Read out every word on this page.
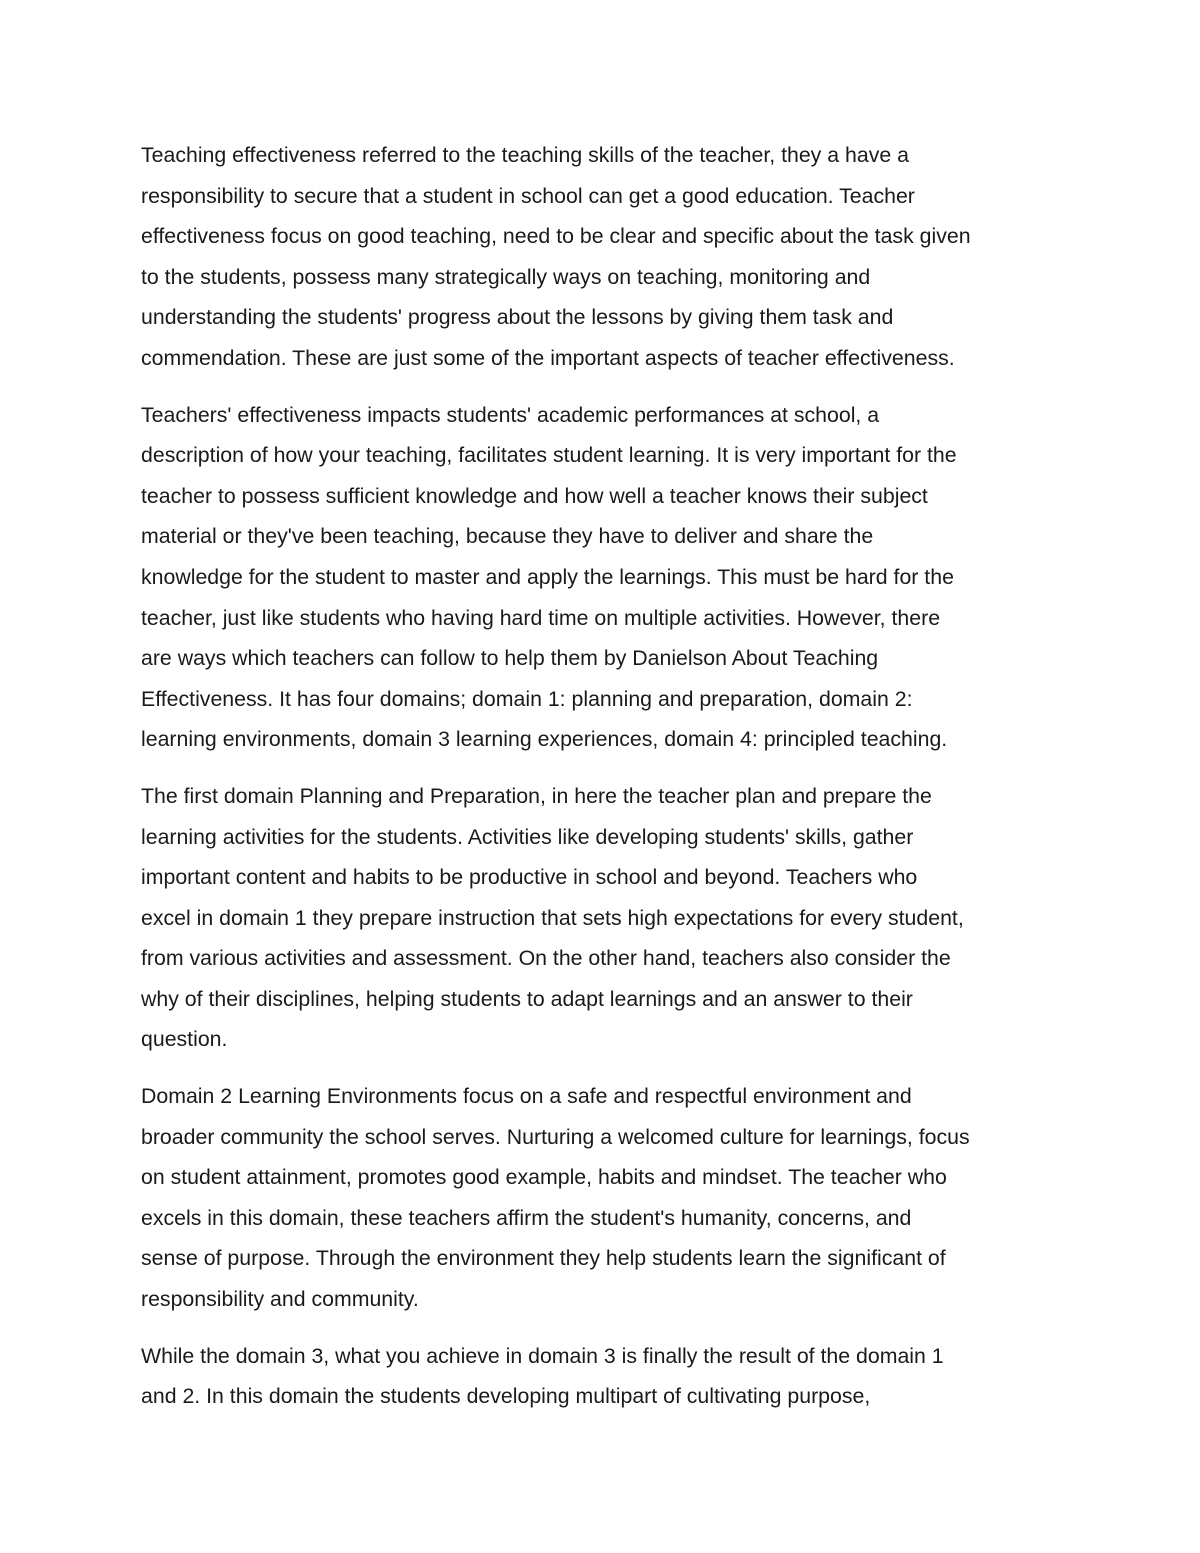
Teaching effectiveness referred to the teaching skills of the teacher, they a have a
responsibility to secure that a student in school can get a good education. Teacher
effectiveness focus on good teaching, need to be clear and specific about the task given
to the students, possess many strategically ways on teaching, monitoring and
understanding the students' progress about the lessons by giving them task and
commendation. These are just some of the important aspects of teacher effectiveness.

Teachers' effectiveness impacts students' academic performances at school, a
description of how your teaching, facilitates student learning. It is very important for the
teacher to possess sufficient knowledge and how well a teacher knows their subject
material or they've been teaching, because they have to deliver and share the
knowledge for the student to master and apply the learnings. This must be hard for the
teacher, just like students who having hard time on multiple activities. However, there
are ways which teachers can follow to help them by Danielson About Teaching
Effectiveness. It has four domains; domain 1: planning and preparation, domain 2:
learning environments, domain 3 learning experiences, domain 4: principled teaching.

The first domain Planning and Preparation, in here the teacher plan and prepare the
learning activities for the students. Activities like developing students' skills, gather
important content and habits to be productive in school and beyond. Teachers who
excel in domain 1 they prepare instruction that sets high expectations for every student,
from various activities and assessment. On the other hand, teachers also consider the
why of their disciplines, helping students to adapt learnings and an answer to their
question.

Domain 2 Learning Environments focus on a safe and respectful environment and
broader community the school serves. Nurturing a welcomed culture for learnings, focus
on student attainment, promotes good example, habits and mindset. The teacher who
excels in this domain, these teachers affirm the student's humanity, concerns, and
sense of purpose. Through the environment they help students learn the significant of
responsibility and community.

While the domain 3, what you achieve in domain 3 is finally the result of the domain 1
and 2. In this domain the students developing multipart of cultivating purpose,
